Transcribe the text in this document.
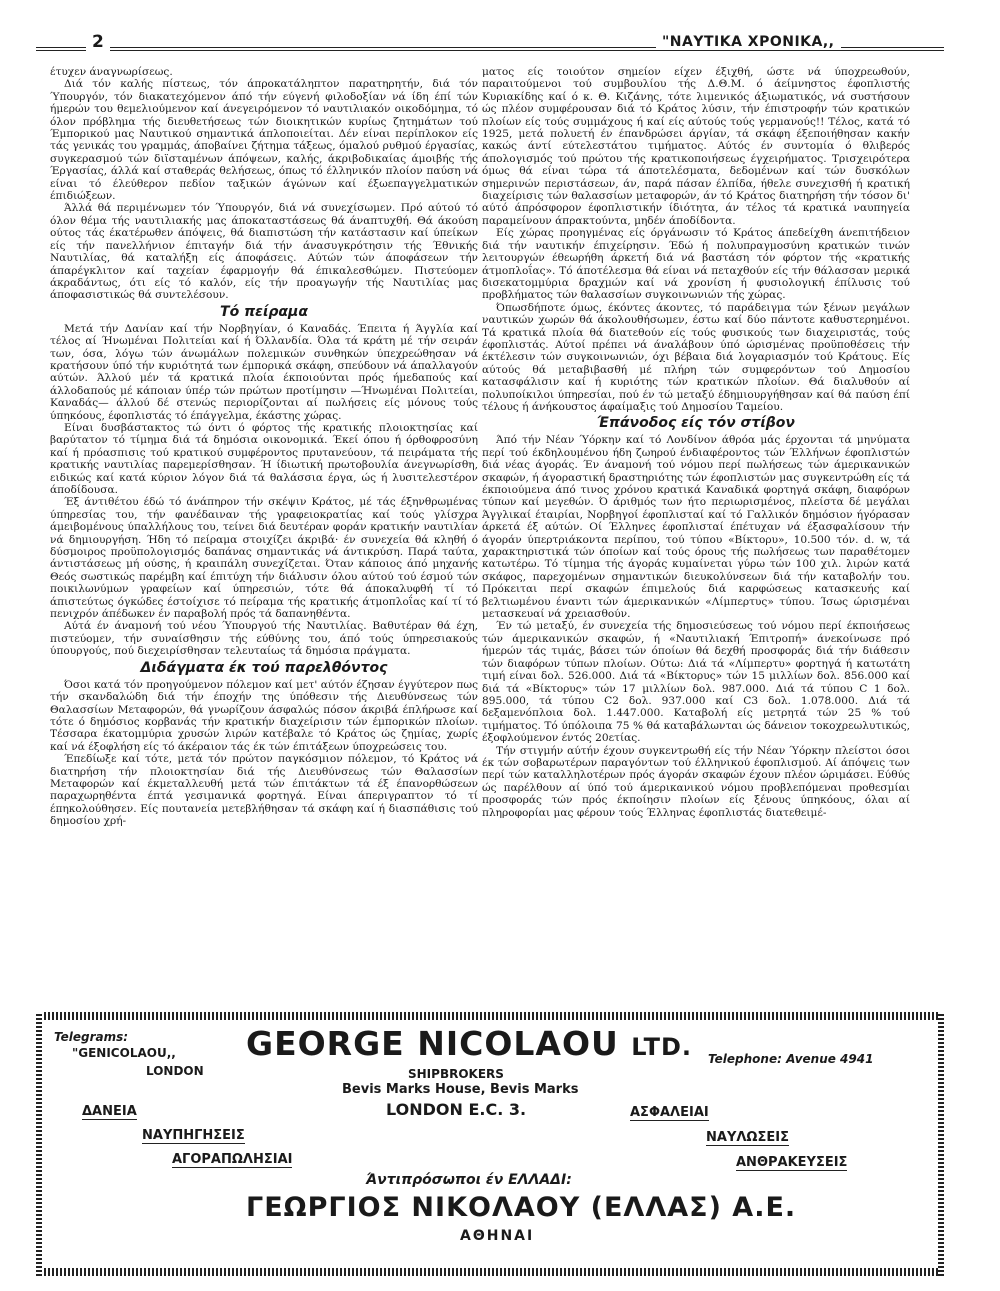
2	"ΝΑΥΤΙΚΑ ΧΡΟΝΙΚΑ,,

έτυχεν άναγνωρίσεως.

Διά τόν καλής πίστεως, τόν άπροκατάληπτον παρατηρητήν, διά τόν Ύπουργόν, τόν διακατεχόμενον άπό τήν εύγενή φιλοδοξίαν νά ίδη έπί τών ήμερών του θεμελιούμενον καί άνεγειρόμενον τό ναυτιλιακόν οικοδόμημα, τό όλον πρόβλημα τής διευθετήσεως τών διοικητικών κυρίως ζητημάτων τού Έμπορικού μας Ναυτικού σημαντικά άπλοποιείται. Δέν είναι περίπλοκον είς τάς γενικάς του γραμμάς, άποβαίνει ζήτημα τάξεως, όμαλού ρυθμού έργασίας, συγκερασμού τών διϊσταμένων άπόψεων, καλής, άκριβοδικαίας άμοιβής τής Έργασίας, άλλά καί σταθεράς θελήσεως, όπως τό έλληνικόν πλοίον παύση νά είναι τό έλεύθερον πεδίον ταξικών άγώνων καί έξωεπαγγελματικών έπιδιώξεων.

Άλλά θά περιμένωμεν τόν Ύπουργόν, διά νά συνεχίσωμεν. Πρό αύτού τό όλον θέμα τής ναυτιλιακής μας άποκαταστάσεως θά άναπτυχθή. Θά άκούση ούτος τάς έκατέρωθεν άπόψεις, θά διαπιστώση τήν κατάστασιν καί ύπείκων είς τήν πανελλήνιον έπιταγήν διά τήν άνασυγκρότησιν τής Έθνικής Ναυτιλίας, θά καταλήξη είς άποφάσεις. Αύτών τών άποφάσεων τήν άπαρέγκλιτον καί ταχείαν έφαρμογήν θά έπικαλεσθώμεν. Πιστεύομεν άκραδάντως, ότι είς τό καλόν, είς τήν προαγωγήν τής Ναυτιλίας μας άποφασιστικώς θά συντελέσουν.

Τό πείραμα

Μετά τήν Δανίαν καί τήν Νορβηγίαν, ό Καναδάς. Έπειτα ή Άγγλία καί τέλος αί Ήνωμέναι Πολιτείαι καί ή Όλλανδία. Όλα τά κράτη μέ τήν σειράν των, όσα, λόγω τών άνωμάλων πολεμικών συνθηκών ύπεχρεώθησαν νά κρατήσουν ύπό τήν κυριότητά των έμπορικά σκάφη, σπεύδουν νά άπαλλαγούν αύτών. Άλλού μέν τά κρατικά πλοία έκποιούνται πρός ήμεδαπούς καί άλλοδαπούς μέ κάποιαν ύπέρ τών πρώτων προτίμησιν —Ήνωμέναι Πολιτείαι, Καναδάς— άλλού δέ στενώς περιορίζονται αί πωλήσεις είς μόνους τούς ύπηκόους, έφοπλιστάς τό έπάγγελμα, έκάστης χώρας.

Είναι δυσβάστακτος τώ όντι ό φόρτος τής κρατικής πλοιοκτησίας καί βαρύτατον τό τίμημα διά τά δημόσια οικονομικά. Έκεί όπου ή όρθοφροσύνη καί ή πρόασπισις τού κρατικού συμφέροντος πρυτανεύουν, τά πειράματα τής κρατικής ναυτιλίας παρεμερίσθησαν. Ή ίδιωτική πρωτοβουλία άνεγνωρίσθη, ειδικώς καί κατά κύριον λόγον διά τά θαλάσσια έργα, ώς ή λυσιτελεστέρον άποδίδουσα.

Έξ άντιθέτου έδώ τό άνάπηρον τήν σκέψιν Κράτος, μέ τάς έξηνθρωμένας ύπηρεσίας του, τήν φανέδαιναν τής γραφειοκρατίας καί τούς γλίσχρα άμειβομένους ύπαλλήλους του, τείνει διά δευτέραν φοράν κρατικήν ναυτιλίαν νά δημιουργήση. Ήδη τό πείραμα στοιχίζει άκριβά· έν συνεχεία θά κληθή ό δύσμοιρος προϋπολογισμός δαπάνας σημαντικάς νά άντικρύση. Παρά ταύτα, άντιστάσεως μή ούσης, ή κραιπάλη συνεχίζεται. Όταν κάποιος άπό μηχανής Θεός σωστικώς παρέμβη καί έπιτύχη τήν διάλυσιν όλου αύτού τού έσμού τών ποικιλωνύμων γραφείων καί ύπηρεσιών, τότε θά άποκαλυφθή τί τό άπιστεύτως όγκώδες έστοίχισε τό πείραμα τής κρατικής άτμοπλοΐας καί τί τό πενιχρόν άπέδωκεν έν παραβολή πρός τά δαπανηθέντα.

Αύτά έν άναμονή τού νέου Ύπουργού τής Ναυτιλίας. Βαθυτέραν θά έχη, πιστεύομεν, τήν συναίσθησιν τής εύθύνης του, άπό τούς ύπηρεσιακούς ύπουργούς, πού διεχειρίσθησαν τελευταίως τά δημόσια πράγματα.

Διδάγματα έκ τού παρελθόντος

Όσοι κατά τόν προηγούμενον πόλεμον καί μετ' αύτόν έζησαν έγγύτερον πως τήν σκανδαλώδη διά τήν έποχήν της ύπόθεσιν τής Διευθύνσεως τών Θαλασσίων Μεταφορών, θά γνωρίζουν άσφαλώς πόσον άκριβά έπλήρωσε καί τότε ό δημόσιος κορβανάς τήν κρατικήν διαχείρισιν τών έμπορικών πλοίων. Τέσσαρα έκατομμύρια χρυσών λιρών κατέβαλε τό Κράτος ώς ζημίας, χωρίς καί νά έξοφλήση είς τό άκέραιον τάς έκ τών έπιτάξεων ύποχρεώσεις του.

Έπεδίωξε καί τότε, μετά τόν πρώτον παγκόσμιον πόλεμον, τό Κράτος νά διατηρήση τήν πλοιοκτησίαν διά τής Διευθύνσεως τών Θαλασσίων Μεταφορών καί έκμεταλλευθή μετά τών έπιτάκτων τά έξ έπανορθώσεων παραχωρηθέντα έπτά γεσιμανικά φορτηγά. Είναι άπεριγραπτον τό τί έπηκολούθησεν. Είς πουτανεία μετεβλήθησαν τά σκάφη καί ή διασπάθισις τού δημοσίου χρή-

ματος είς τοιούτον σημείον είχεν έξιχθή, ώστε νά ύποχρεωθούν, παραιτούμενοι τού συμβουλίου τής Δ.Θ.Μ. ό άείμνηστος έφοπλιστής Κυριακίδης καί ό κ. Θ. Κιζάνης, τότε λιμενικός άξιωματικός, νά συστήσουν ώς πλέον συμφέρουσαν διά τό Κράτος λύσιν, τήν έπιστροφήν τών κρατικών πλοίων είς τούς συμμάχους ή καί είς αύτούς τούς γερμανούς!! Τέλος, κατά τό 1925, μετά πολυετή έν έπανδρώσει άργίαν, τά σκάφη έξεποιήθησαν κακήν κακώς άντί εύτελεστάτου τιμήματος. Αύτός έν συντομία ό θλιβερός άπολογισμός τού πρώτου τής κρατικοποιήσεως έγχειρήματος. Τρισχειρότερα όμως θά είναι τώρα τά άποτελέσματα, δεδομένων καί τών δυσκόλων σημερινών περιστάσεων, άν, παρά πάσαν έλπίδα, ήθελε συνεχισθή ή κρατική διαχείρισις τών θαλασσίων μεταφορών, άν τό Κράτος διατηρήση τήν τόσον δι' αύτό άπρόσφορον έφοπλιστικήν ίδιότητα, άν τέλος τά κρατικά ναυπηγεία παραμείνουν άπρακτούντα, μηδέν άποδίδοντα.

Είς χώρας προηγμένας είς όργάνωσιν τό Κράτος άπεδείχθη άνεπιτήδειον διά τήν ναυτικήν έπιχείρησιν. Έδώ ή πολυπραγμοσύνη κρατικών τινών λειτουργών έθεωρήθη άρκετή διά νά βαστάση τόν φόρτον τής «κρατικής άτμοπλοΐας». Τό άποτέλεσμα θά είναι νά πεταχθούν είς τήν θάλασσαν μερικά δισεκατομμύρια δραχμών καί νά χρονίση ή φυσιολογική έπίλυσις τού προβλήματος τών θαλασσίων συγκοινωνιών τής χώρας.

Όπωσδήποτε όμως, έκόντες άκοντες, τό παράδειγμα τών ξένων μεγάλων ναυτικών χωρών θά άκολουθήσωμεν, έστω καί δύο πάντοτε καθυστερημένοι. Τά κρατικά πλοία θά διατεθούν είς τούς φυσικούς των διαχειριστάς, τούς έφοπλιστάς. Αύτοί πρέπει νά άναλάβουν ύπό ώρισμένας προϋποθέσεις τήν έκτέλεσιν τών συγκοινωνιών, όχι βέβαια διά λογαριασμόν τού Κράτους. Είς αύτούς θά μεταβιβασθή μέ πλήρη τών συμφερόντων τού Δημοσίου κατασφάλισιν καί ή κυριότης τών κρατικών πλοίων. Θά διαλυθούν αί πολυποίκιλοι ύπηρεσίαι, πού έν τώ μεταξύ έδημιουργήθησαν καί θά παύση έπί τέλους ή άνήκουστος άφαίμαξις τού Δημοσίου Ταμείου.

Έπάνοδος είς τόν στίβον

Άπό τήν Νέαν Ύόρκην καί τό Λονδίνον άθρόα μάς έρχονται τά μηνύματα περί τού έκδηλουμένου ήδη ζωηρού ένδιαφέροντος τών Έλλήνων έφοπλιστών διά νέας άγοράς. Έν άναμονή τού νόμου περί πωλήσεως τών άμερικανικών σκαφών, ή άγοραστική δραστηριότης τών έφοπλιστών μας συγκεντρώθη είς τά έκποιούμενα άπό τινος χρόνου κρατικά Καναδικά φορτηγά σκάφη, διαφόρων τύπων καί μεγεθών. Ό άριθμός των ήτο περιωρισμένος, πλείστα δέ μεγάλαι Άγγλικαί έταιρίαι, Νορβηγοί έφοπλισταί καί τό Γαλλικόν δημόσιον ήγόρασαν άρκετά έξ αύτών. Οί Έλληνες έφοπλισταί έπέτυχαν νά έξασφαλίσουν τήν άγοράν ύπερτριάκοντα περίπου, τού τύπου «Βίκτορυ», 10.500 τόν. d. w, τά χαρακτηριστικά τών όποίων καί τούς όρους τής πωλήσεως των παραθέτομεν κατωτέρω. Τό τίμημα τής άγοράς κυμαίνεται γύρω τών 100 χιλ. λιρών κατά σκάφος, παρεχομένων σημαντικών διευκολύνσεων διά τήν καταβολήν του. Πρόκειται περί σκαφών έπιμελούς διά καρφώσεως κατασκευής καί βελτιωμένου έναντι τών άμερικανικών «Λίμπερτυς» τύπου. Ίσως ώρισμέναι μετασκευαί νά χρειασθούν.

Έν τώ μεταξύ, έν συνεχεία τής δημοσιεύσεως τού νόμου περί έκποιήσεως τών άμερικανικών σκαφών, ή «Ναυτιλιακή Έπιτροπή» άνεκοίνωσε πρό ήμερών τάς τιμάς, βάσει τών όποίων θά δεχθή προσφοράς διά τήν διάθεσιν τών διαφόρων τύπων πλοίων. Ούτω: Διά τά «Λίμπερτυ» φορτηγά ή κατωτάτη τιμή είναι δολ. 526.000. Διά τά «Βίκτορυς» τών 15 μιλλίων δολ. 856.000 καί διά τά «Βίκτορυς» τών 17 μιλλίων δολ. 987.000. Διά τά τύπου C 1 δολ. 895.000, τά τύπου C2 δολ. 937.000 καί C3 δολ. 1.078.000. Διά τά δεξαμενόπλοια δολ. 1.447.000. Καταβολή είς μετρητά τών 25 % τού τιμήματος. Τό ύπόλοιπα 75 % θά καταβάλωνται ώς δάνειον τοκοχρεωλυτικώς, έξοφλούμενον έντός 20ετίας.

Τήν στιγμήν αύτήν έχουν συγκεντρωθή είς τήν Νέαν Ύόρκην πλείστοι όσοι έκ τών σοβαρωτέρων παραγόντων τού έλληνικού έφοπλισμού. Αί άπόψεις των περί τών καταλληλοτέρων πρός άγοράν σκαφών έχουν πλέον ώριμάσει. Εύθύς ώς παρέλθουν αί ύπό τού άμερικανικού νόμου προβλεπόμεναι προθεσμίαι προσφοράς τών πρός έκποίησιν πλοίων είς ξένους ύπηκόους, όλαι αί πληροφορίαι μας φέρουν τούς Έλληνας έφοπλιστάς διατεθειμέ-

Telegrams:
"GENICOLAOU,,
LONDON
GEORGE NICOLAOU LTD. Telephone: Avenue 4941
SHIPBROKERS
Bevis Marks House, Bevis Marks
LONDON E.C. 3.
ΔΑΝΕΙΑ
ΝΑΥΠΗΓΗΣΕΙΣ
ΑΓΟΡΑΠΩΛΗΣΙΑΙ
ΑΣΦΑΛΕΙΑΙ
ΝΑΥΛΩΣΕΙΣ
ΑΝΘΡΑΚΕΥΣΕΙΣ
Άντιπρόσωποι έν ΕΛΛΑΔΙ:
ΓΕΩΡΓΙΟΣ ΝΙΚΟΛΑΟΥ (ΕΛΛΑΣ) Α.Ε.
ΑΘΗΝΑΙ
